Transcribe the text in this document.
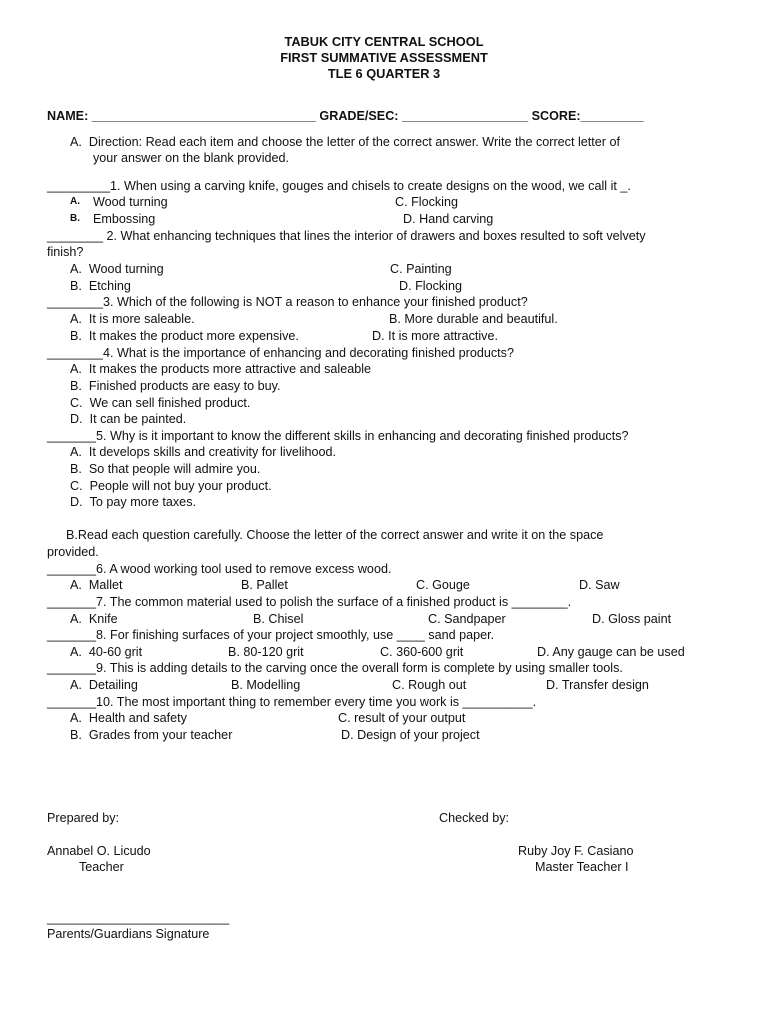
TABUK CITY CENTRAL SCHOOL
FIRST SUMMATIVE ASSESSMENT
TLE 6 QUARTER 3
NAME: ________________________________ GRADE/SEC: __________________ SCORE:_________
A.  Direction: Read each item and choose the letter of the correct answer. Write the correct letter of
your answer on the blank provided.
_________1. When using a carving knife, gouges and chisels to create designs on the wood, we call it _.
A. Wood turning	C. Flocking
B. Embossing	D. Hand carving
________ 2. What enhancing techniques that lines the interior of drawers and boxes resulted to soft velvety
finish?
A.  Wood turning	C. Painting
B.  Etching	D. Flocking
________3. Which of the following is NOT a reason to enhance your finished product?
A.  It is more saleable.	B. More durable and beautiful.
B.  It makes the product more expensive.	D. It is more attractive.
________4. What is the importance of enhancing and decorating finished products?
A.  It makes the products more attractive and saleable
B.  Finished products are easy to buy.
C.  We can sell finished product.
D.  It can be painted.
_______5. Why is it important to know the different skills in enhancing and decorating finished products?
A.  It develops skills and creativity for livelihood.
B.  So that people will admire you.
C.  People will not buy your product.
D.  To pay more taxes.
B.Read each question carefully. Choose the letter of the correct answer and write it on the space
provided.
_______6. A wood working tool used to remove excess wood.
A.  Mallet	B. Pallet	C. Gouge	D. Saw
_______7. The common material used to polish the surface of a finished product is ________.
A.  Knife	B. Chisel	C. Sandpaper	D. Gloss paint
_______8. For finishing surfaces of your project smoothly, use ____ sand paper.
A.  40-60 grit	B. 80-120 grit	C. 360-600 grit	D. Any gauge can be used
_______9. This is adding details to the carving once the overall form is complete by using smaller tools.
A.  Detailing	B. Modelling	C. Rough out	D. Transfer design
_______10. The most important thing to remember every time you work is __________.
A.  Health and safety	C. result of your output
B.  Grades from your teacher	D. Design of your project
Prepared by:	Checked by:
Annabel O. Licudo	Ruby Joy F. Casiano
Teacher	Master Teacher I
__________________________
Parents/Guardians Signature
